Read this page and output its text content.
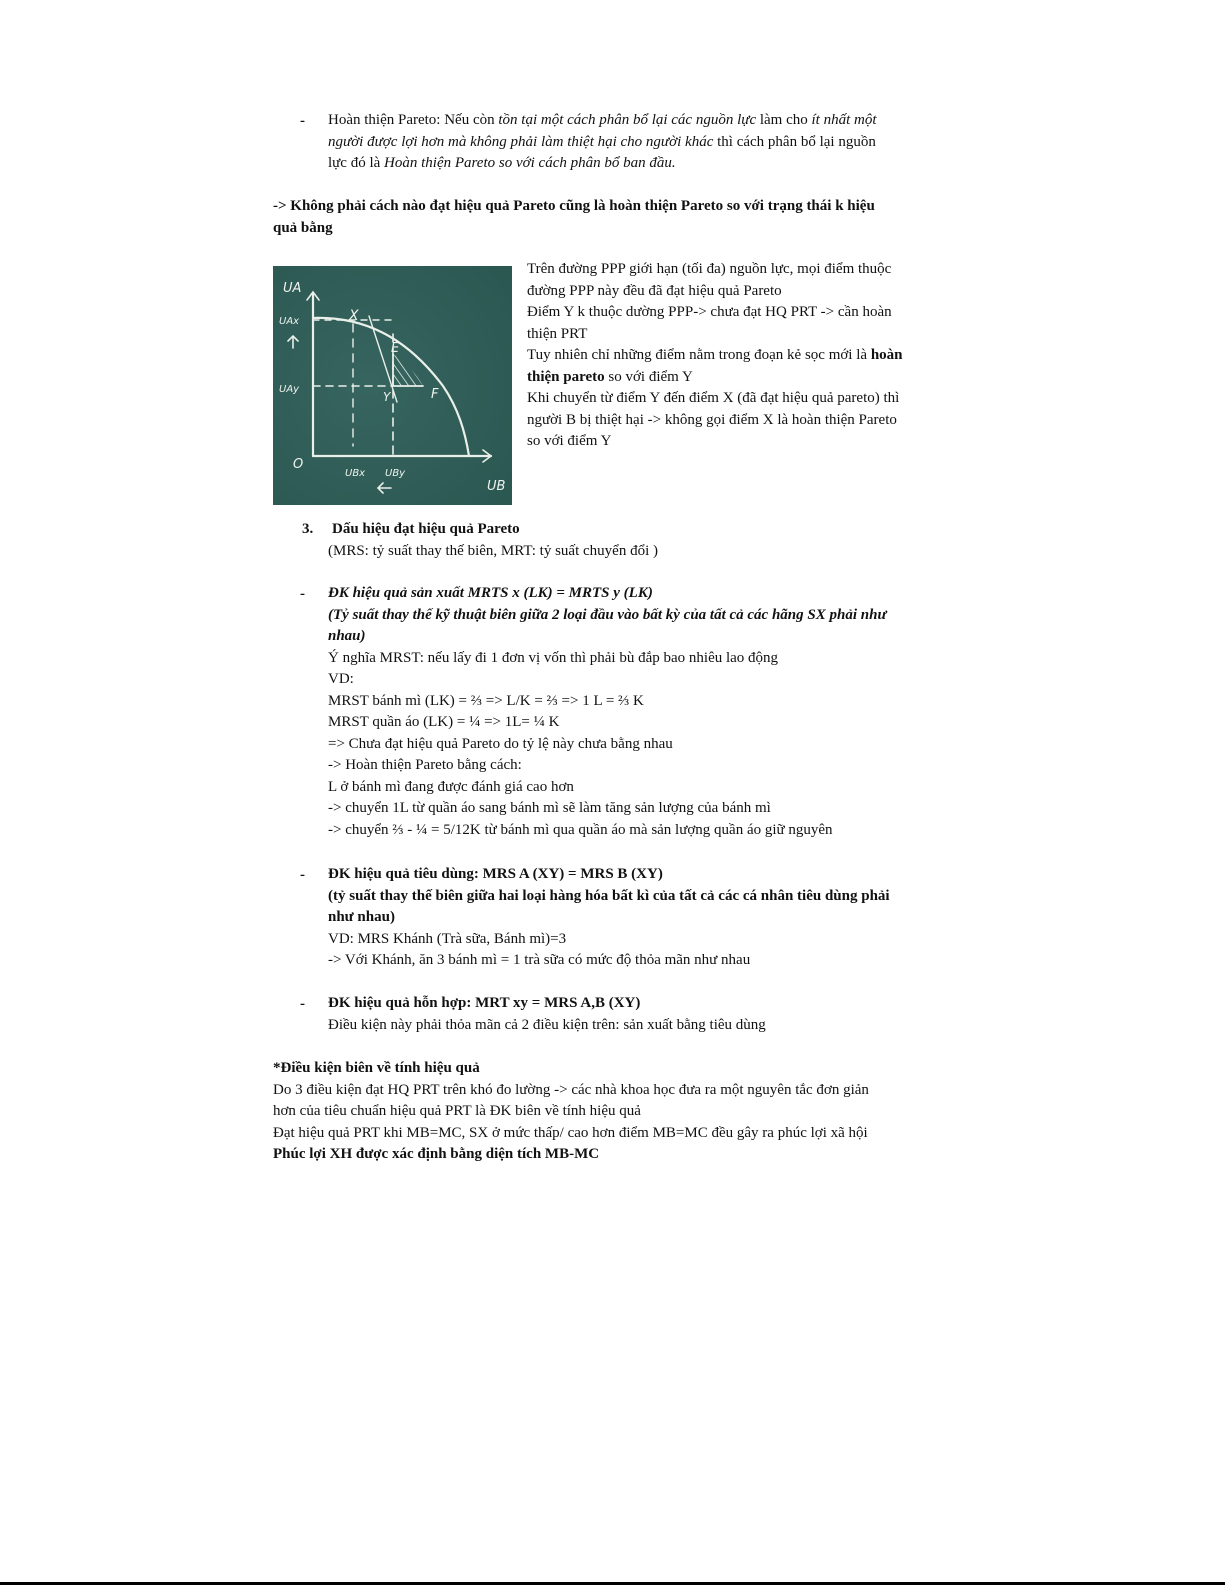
- Hoàn thiện Pareto: Nếu còn tồn tại một cách phân bổ lại các nguồn lực làm cho ít nhất một
người được lợi hơn mà không phải làm thiệt hại cho người khác thì cách phân bổ lại nguồn
lực đó là Hoàn thiện Pareto so với cách phân bổ ban đầu.
-> Không phải cách nào đạt hiệu quả Pareto cũng là hoàn thiện Pareto so với trạng thái k hiệu
quả bằng
UA
UB
O
X
E
F
Y
UAx
UAy
UBx UBy
Trên đường PPP giới hạn (tối đa) nguồn lực, mọi điểm thuộc
đường PPP này đều đã đạt hiệu quả Pareto
Điểm Y k thuộc dường PPP-> chưa đạt HQ PRT -> cần hoàn
thiện PRT
Tuy nhiên chỉ những điểm nằm trong đoạn kẻ sọc mới là hoàn
thiện pareto so với điểm Y
Khi chuyển từ điểm Y đến điểm X (đã đạt hiệu quả pareto) thì
người B bị thiệt hại -> không gọi điểm X là hoàn thiện Pareto
so với điểm Y
3. Dấu hiệu đạt hiệu quả Pareto
(MRS: tỷ suất thay thế biên, MRT: tỷ suất chuyển đổi )
- ĐK hiệu quả sản xuất MRTS x (LK) = MRTS y (LK)
(Tỷ suất thay thế kỹ thuật biên giữa 2 loại đầu vào bất kỳ của tất cả các hãng SX phải như
nhau)
Ý nghĩa MRST: nếu lấy đi 1 đơn vị vốn thì phải bù đắp bao nhiêu lao động
VD:
MRST bánh mì (LK) = ⅔ => L/K = ⅔ => 1 L = ⅔ K
MRST quần áo (LK) = ¼ => 1L= ¼ K
=> Chưa đạt hiệu quả Pareto do tỷ lệ này chưa bằng nhau
-> Hoàn thiện Pareto bằng cách:
L ở bánh mì đang được đánh giá cao hơn
-> chuyển 1L từ quần áo sang bánh mì sẽ làm tăng sản lượng của bánh mì
-> chuyển ⅔ - ¼ = 5/12K từ bánh mì qua quần áo mà sản lượng quần áo giữ nguyên
- ĐK hiệu quả tiêu dùng: MRS A (XY) = MRS B (XY)
(tỷ suất thay thế biên giữa hai loại hàng hóa bất kì của tất cả các cá nhân tiêu dùng phải
như nhau)
VD: MRS Khánh (Trà sữa, Bánh mì)=3
-> Với Khánh, ăn 3 bánh mì = 1 trà sữa có mức độ thỏa mãn như nhau
- ĐK hiệu quả hỗn hợp: MRT xy = MRS A,B (XY)
Điều kiện này phải thỏa mãn cả 2 điều kiện trên: sản xuất bằng tiêu dùng
*Điều kiện biên về tính hiệu quả
Do 3 điều kiện đạt HQ PRT trên khó đo lường -> các nhà khoa học đưa ra một nguyên tắc đơn giản
hơn của tiêu chuẩn hiệu quả PRT là ĐK biên về tính hiệu quả
Đạt hiệu quả PRT khi MB=MC, SX ở mức thấp/ cao hơn điểm MB=MC đều gây ra phúc lợi xã hội
Phúc lợi XH được xác định bằng diện tích MB-MC
